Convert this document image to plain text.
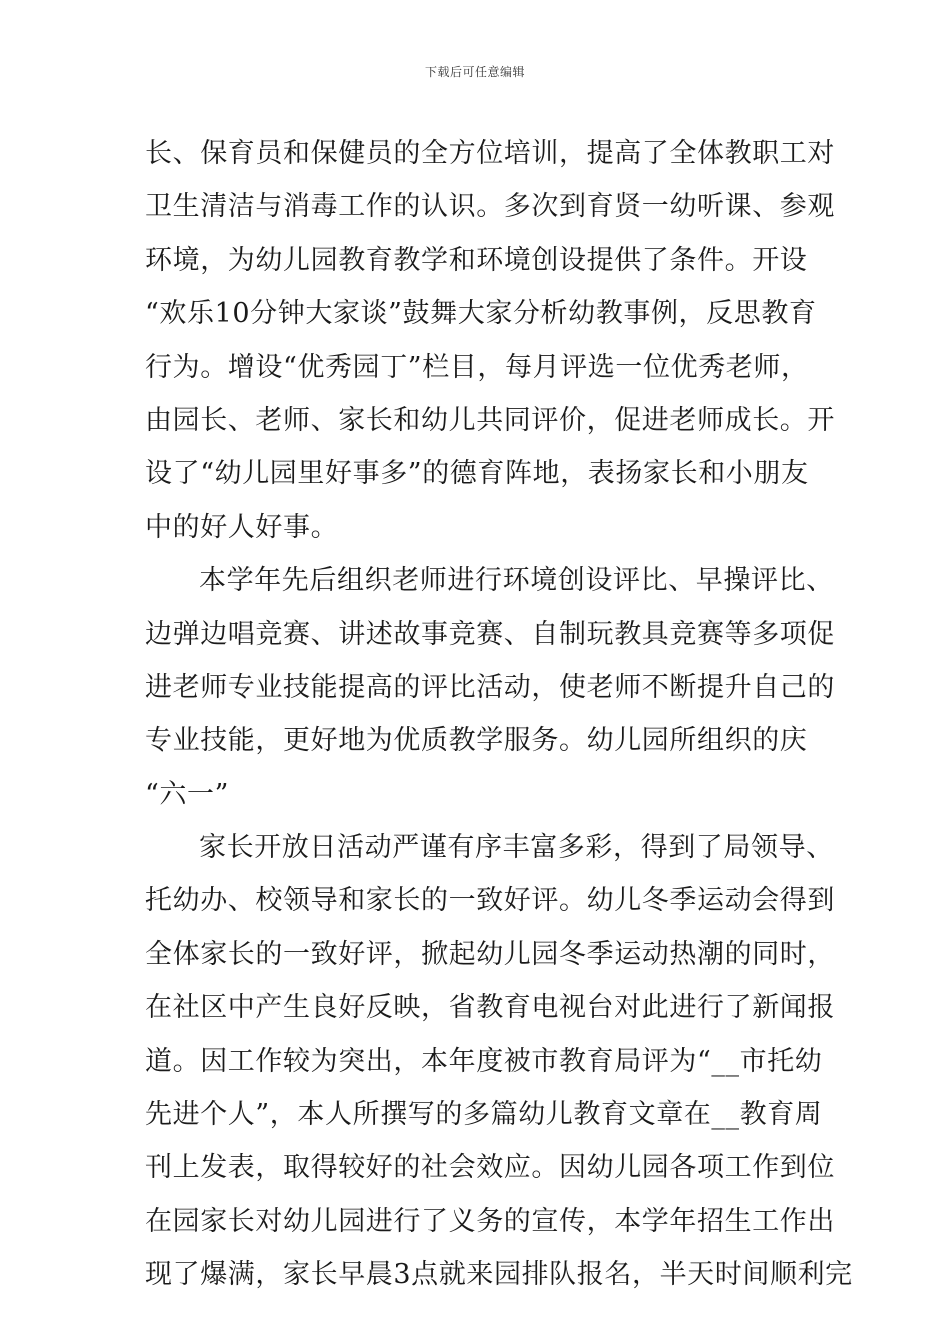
下载后可任意编辑
长、保育员和保健员的全方位培训，提高了全体教职工对
卫生清洁与消毒工作的认识。多次到育贤一幼听课、参观
环境，为幼儿园教育教学和环境创设提供了条件。开设
“欢乐10分钟大家谈”鼓舞大家分析幼教事例，反思教育
行为。增设“优秀园丁”栏目，每月评选一位优秀老师，
由园长、老师、家长和幼儿共同评价，促进老师成长。开
设了“幼儿园里好事多”的德育阵地，表扬家长和小朋友
中的好人好事。
本学年先后组织老师进行环境创设评比、早操评比、
边弹边唱竞赛、讲述故事竞赛、自制玩教具竞赛等多项促
进老师专业技能提高的评比活动，使老师不断提升自己的
专业技能，更好地为优质教学服务。幼儿园所组织的庆
“六一”
家长开放日活动严谨有序丰富多彩，得到了局领导、
托幼办、校领导和家长的一致好评。幼儿冬季运动会得到
全体家长的一致好评，掀起幼儿园冬季运动热潮的同时，
在社区中产生良好反映，省教育电视台对此进行了新闻报
道。因工作较为突出，本年度被市教育局评为“__市托幼
先进个人”，本人所撰写的多篇幼儿教育文章在__教育周
刊上发表，取得较好的社会效应。因幼儿园各项工作到位
在园家长对幼儿园进行了义务的宣传，本学年招生工作出
现了爆满，家长早晨3点就来园排队报名，半天时间顺利完
